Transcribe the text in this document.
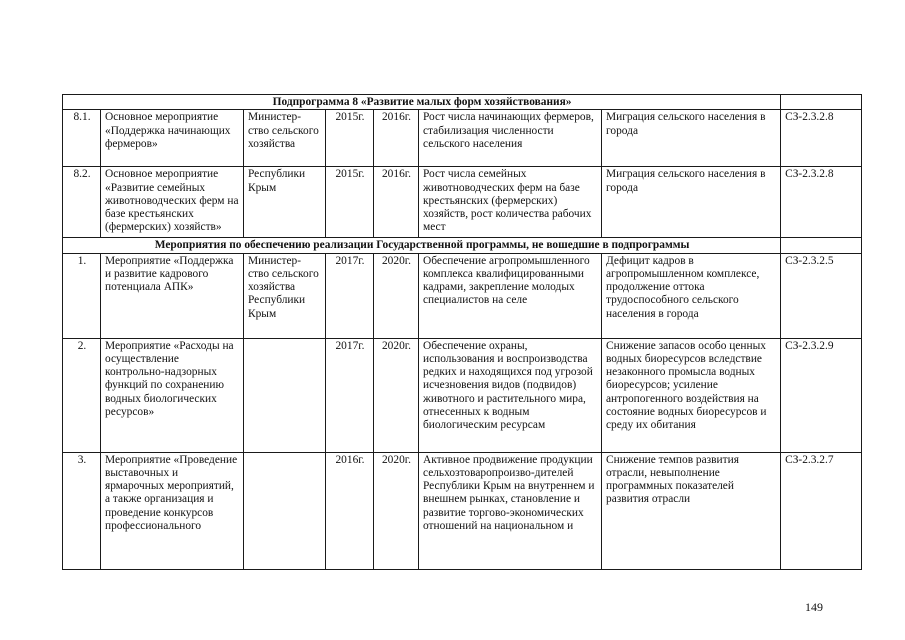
Подпрограмма 8 «Развитие малых форм хозяйствования»							
8.1.	Основное мероприятие «Поддержка начинающих фермеров»	Министер-ство сельского хозяйства	2015г.	2016г.	Рост числа начинающих фермеров, стабилизация численности сельского населения	Миграция сельского населения в города	СЗ-2.3.2.8
8.2.	Основное мероприятие «Развитие семейных животноводческих ферм на базе крестьянских (фермерских) хозяйств»	Республики Крым	2015г.	2016г.	Рост числа семейных животноводческих ферм на базе крестьянских (фермерских) хозяйств, рост количества рабочих мест	Миграция сельского населения в города	СЗ-2.3.2.8
Мероприятия по обеспечению реализации Государственной программы, не вошедшие в подпрограммы							
1.	Мероприятие «Поддержка и развитие кадрового потенциала АПК»	Министер-ство сельского хозяйства Республики Крым	2017г.	2020г.	Обеспечение агропромышленного комплекса квалифицированными кадрами, закрепление молодых специалистов на селе	Дефицит кадров в агропромышленном комплексе, продолжение оттока трудоспособного сельского населения в города	СЗ-2.3.2.5
2.	Мероприятие «Расходы на осуществление контрольно-надзорных функций по сохранению водных биологических ресурсов»		2017г.	2020г.	Обеспечение охраны, использования и воспроизводства редких и находящихся под угрозой исчезновения видов (подвидов) животного и растительного мира, отнесенных к водным биологическим ресурсам	Снижение запасов особо ценных водных биоресурсов вследствие незаконного промысла водных биоресурсов; усиление антропогенного воздействия на состояние водных биоресурсов и среду их обитания	СЗ-2.3.2.9
3.	Мероприятие «Проведение выставочных и ярмарочных мероприятий, а также организация и проведение конкурсов профессионального		2016г.	2020г.	Активное продвижение продукции сельхозтоваропроизво-дителей Республики Крым на внутреннем и внешнем рынках, становление и развитие торгово-экономических отношений на национальном и	Снижение темпов развития отрасли, невыполнение программных показателей развития отрасли	СЗ-2.3.2.7
149
